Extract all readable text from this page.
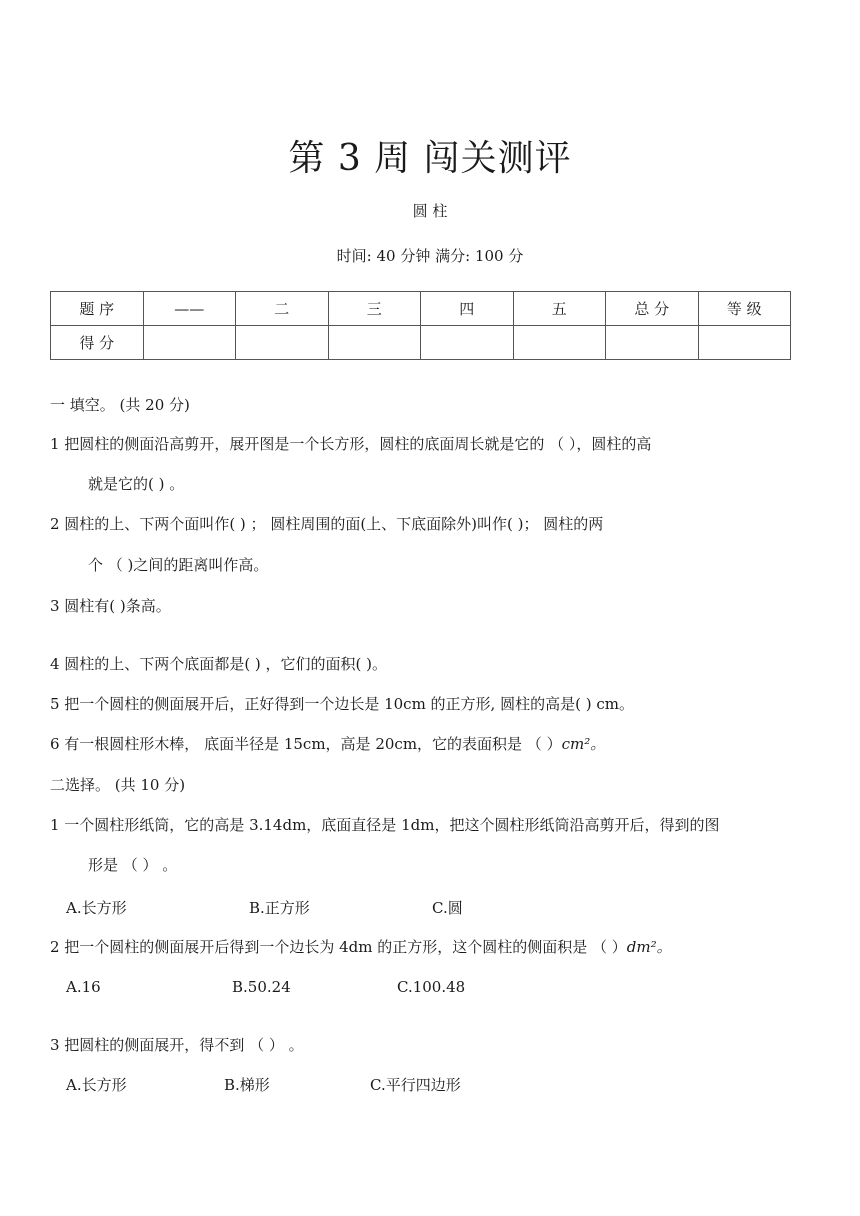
第 3 周 闯关测评
圆 柱
时间: 40 分钟 满分: 100 分
题 序	——	二	三	四	五	总 分	等 级
得 分							
一 填空。 (共 20 分)
1 把圆柱的侧面沿高剪开，展开图是一个长方形，圆柱的底面周长就是它的 （ ），圆柱的高
就是它的( ) 。
2 圆柱的上、下两个面叫作( ) ； 圆柱周围的面(上、下底面除外)叫作( )； 圆柱的两
个 （ )之间的距离叫作高。
3 圆柱有( )条高。
4 圆柱的上、下两个底面都是( ) ，它们的面积( )。
5 把一个圆柱的侧面展开后，正好得到一个边长是 10cm 的正方形, 圆柱的高是( ) cm。
6 有一根圆柱形木棒， 底面半径是 15cm，高是 20cm，它的表面积是 （ ）cm²。
二选择。 (共 10 分)
1 一个圆柱形纸筒，它的高是 3.14dm，底面直径是 1dm，把这个圆柱形纸筒沿高剪开后，得到的图
形是 （ ） 。
A.长方形	B.正方形	C.圆
2 把一个圆柱的侧面展开后得到一个边长为 4dm 的正方形，这个圆柱的侧面积是 （ ）dm²。
A.16	B.50.24	C.100.48
3 把圆柱的侧面展开，得不到 （ ） 。
A.长方形	B.梯形	C.平行四边形
